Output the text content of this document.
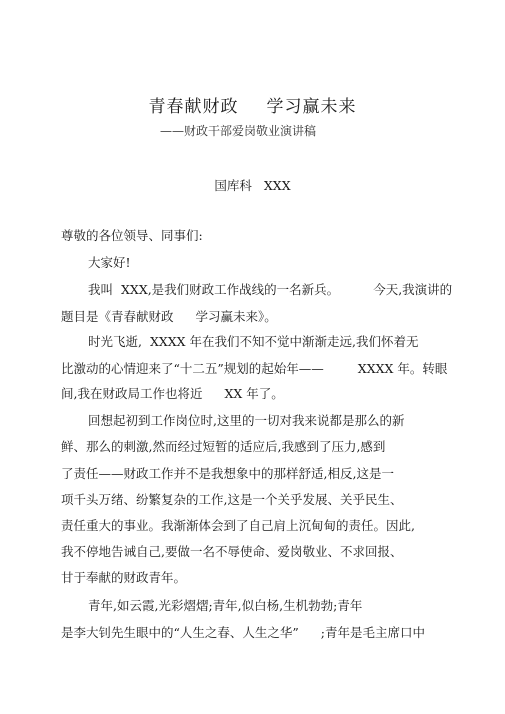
青春献财政 学习赢未来
——财政干部爱岗敬业演讲稿
国库科 XXX
尊敬的各位领导、同事们:
大家好!
我叫 XXX,是我们财政工作战线的一名新兵。	今天,我演讲的
题目是《青春献财政 学习赢未来》。
时光飞逝, XXXX 年在我们不知不觉中渐渐走远,我们怀着无
比激动的心情迎来了“十二五”规划的起始年——	XXXX 年。转眼
间,我在财政局工作也将近 XX 年了。
回想起初到工作岗位时,这里的一切对我来说都是那么的新
鲜、那么的刺激,然而经过短暂的适应后,我感到了压力,感到
了责任——财政工作并不是我想象中的那样舒适,相反,这是一
项千头万绪、纷繁复杂的工作,这是一个关乎发展、关乎民生、
责任重大的事业。我渐渐体会到了自己肩上沉甸甸的责任。因此,
我不停地告诫自己,要做一名不辱使命、爱岗敬业、不求回报、
甘于奉献的财政青年。
青年,如云霞,光彩熠熠;青年,似白杨,生机勃勃;青年
是李大钊先生眼中的“人生之春、人生之华” ;青年是毛主席口中
